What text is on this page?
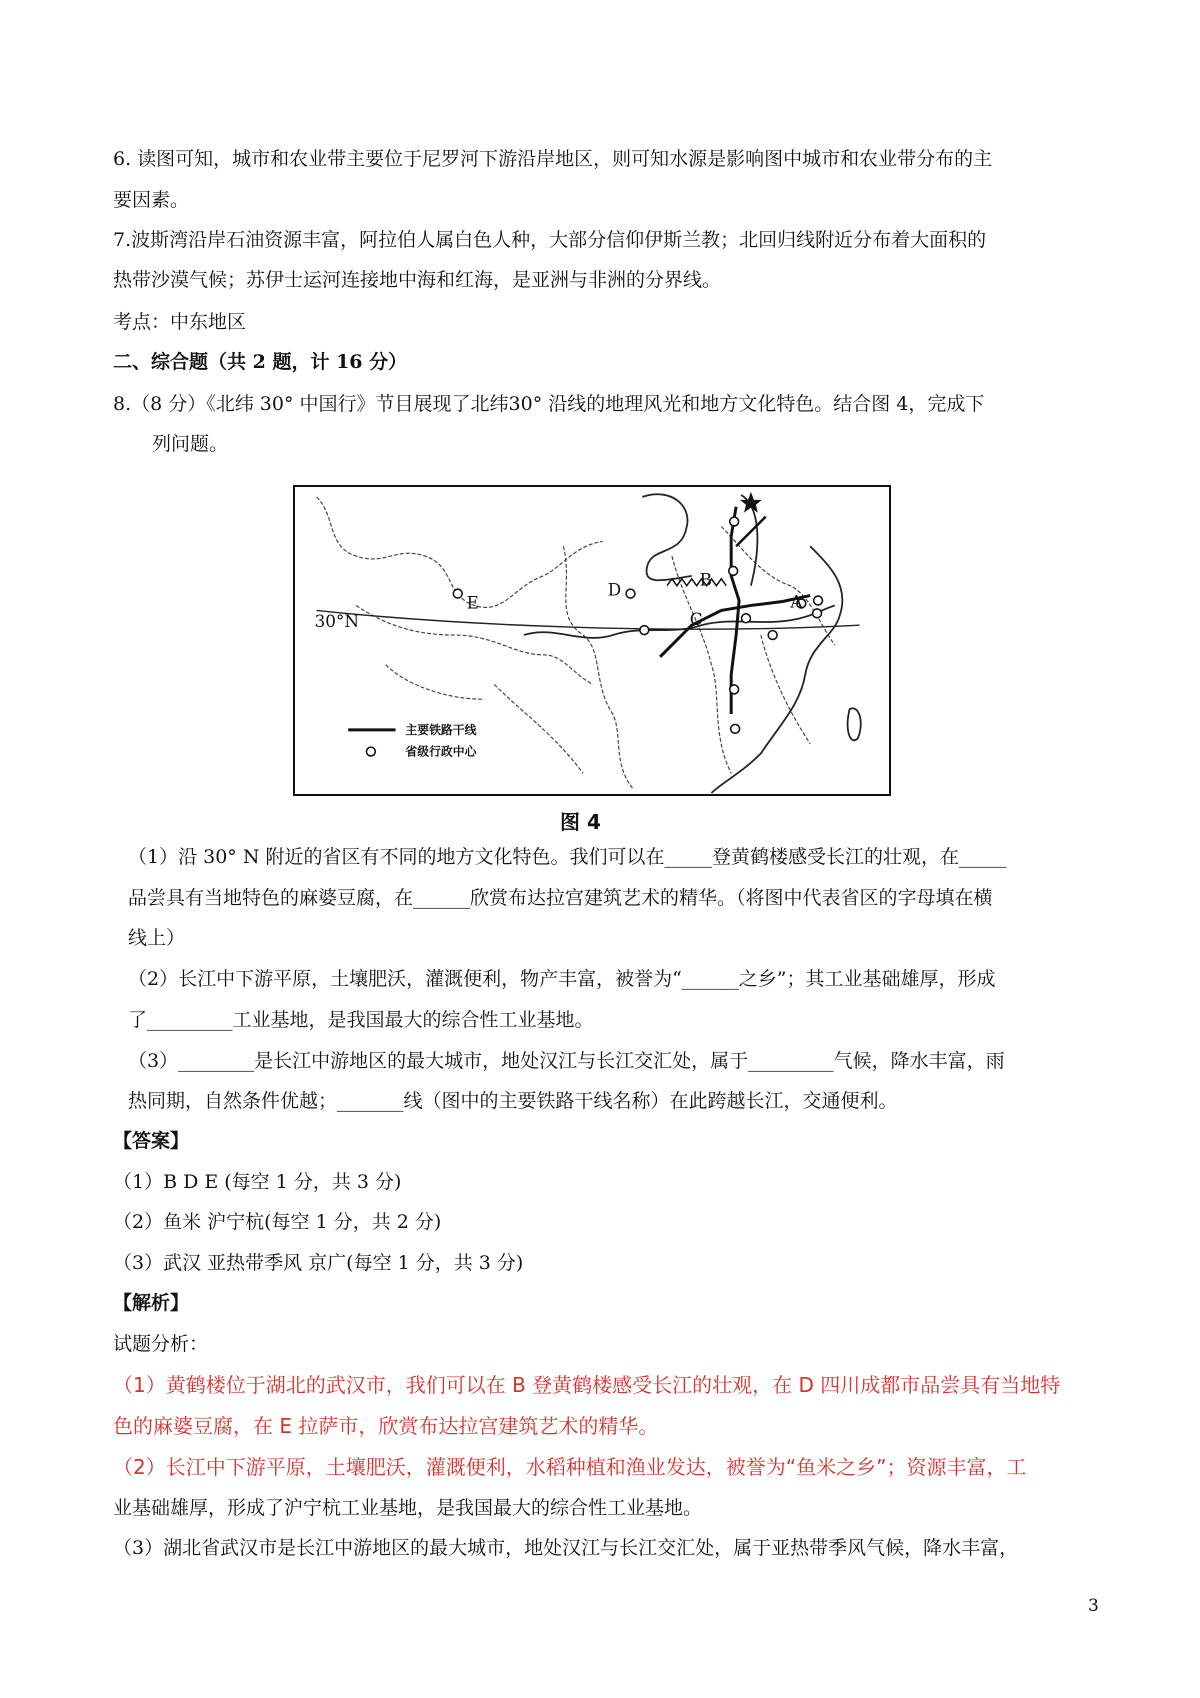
6. 读图可知，城市和农业带主要位于尼罗河下游沿岸地区，则可知水源是影响图中城市和农业带分布的主
要因素。
7.波斯湾沿岸石油资源丰富，阿拉伯人属白色人种，大部分信仰伊斯兰教；北回归线附近分布着大面积的
热带沙漠气候；苏伊士运河连接地中海和红海，是亚洲与非洲的分界线。
考点：中东地区
二、综合题（共 2 题，计 16 分）
8.（8 分）《北纬 30° 中国行》节目展现了北纬30° 沿线的地理风光和地方文化特色。结合图 4，完成下
列问题。
30°N
E
D	B
C
A
主要铁路干线
省级行政中心
图 4
（1）沿 30° N 附近的省区有不同的地方文化特色。我们可以在_____登黄鹤楼感受长江的壮观，在_____
品尝具有当地特色的麻婆豆腐，在______欣赏布达拉宫建筑艺术的精华。（将图中代表省区的字母填在横
线上）
（2）长江中下游平原，土壤肥沃，灌溉便利，物产丰富，被誉为“______之乡”；其工业基础雄厚，形成
了_________工业基地，是我国最大的综合性工业基地。
（3）________是长江中游地区的最大城市，地处汉江与长江交汇处，属于_________气候，降水丰富，雨
热同期，自然条件优越；_______线（图中的主要铁路干线名称）在此跨越长江，交通便利。
【答案】
（1）B D E (每空 1 分，共 3 分)
（2）鱼米 沪宁杭(每空 1 分，共 2 分)
（3）武汉 亚热带季风 京广(每空 1 分，共 3 分)
【解析】
试题分析：
（1）黄鹤楼位于湖北的武汉市，我们可以在 B 登黄鹤楼感受长江的壮观，在 D 四川成都市品尝具有当地特
色的麻婆豆腐，在 E 拉萨市，欣赏布达拉宫建筑艺术的精华。
（2）长江中下游平原，土壤肥沃，灌溉便利，水稻种植和渔业发达，被誉为“鱼米之乡”；资源丰富，工
业基础雄厚，形成了沪宁杭工业基地，是我国最大的综合性工业基地。
（3）湖北省武汉市是长江中游地区的最大城市，地处汉江与长江交汇处，属于亚热带季风气候，降水丰富，
3
